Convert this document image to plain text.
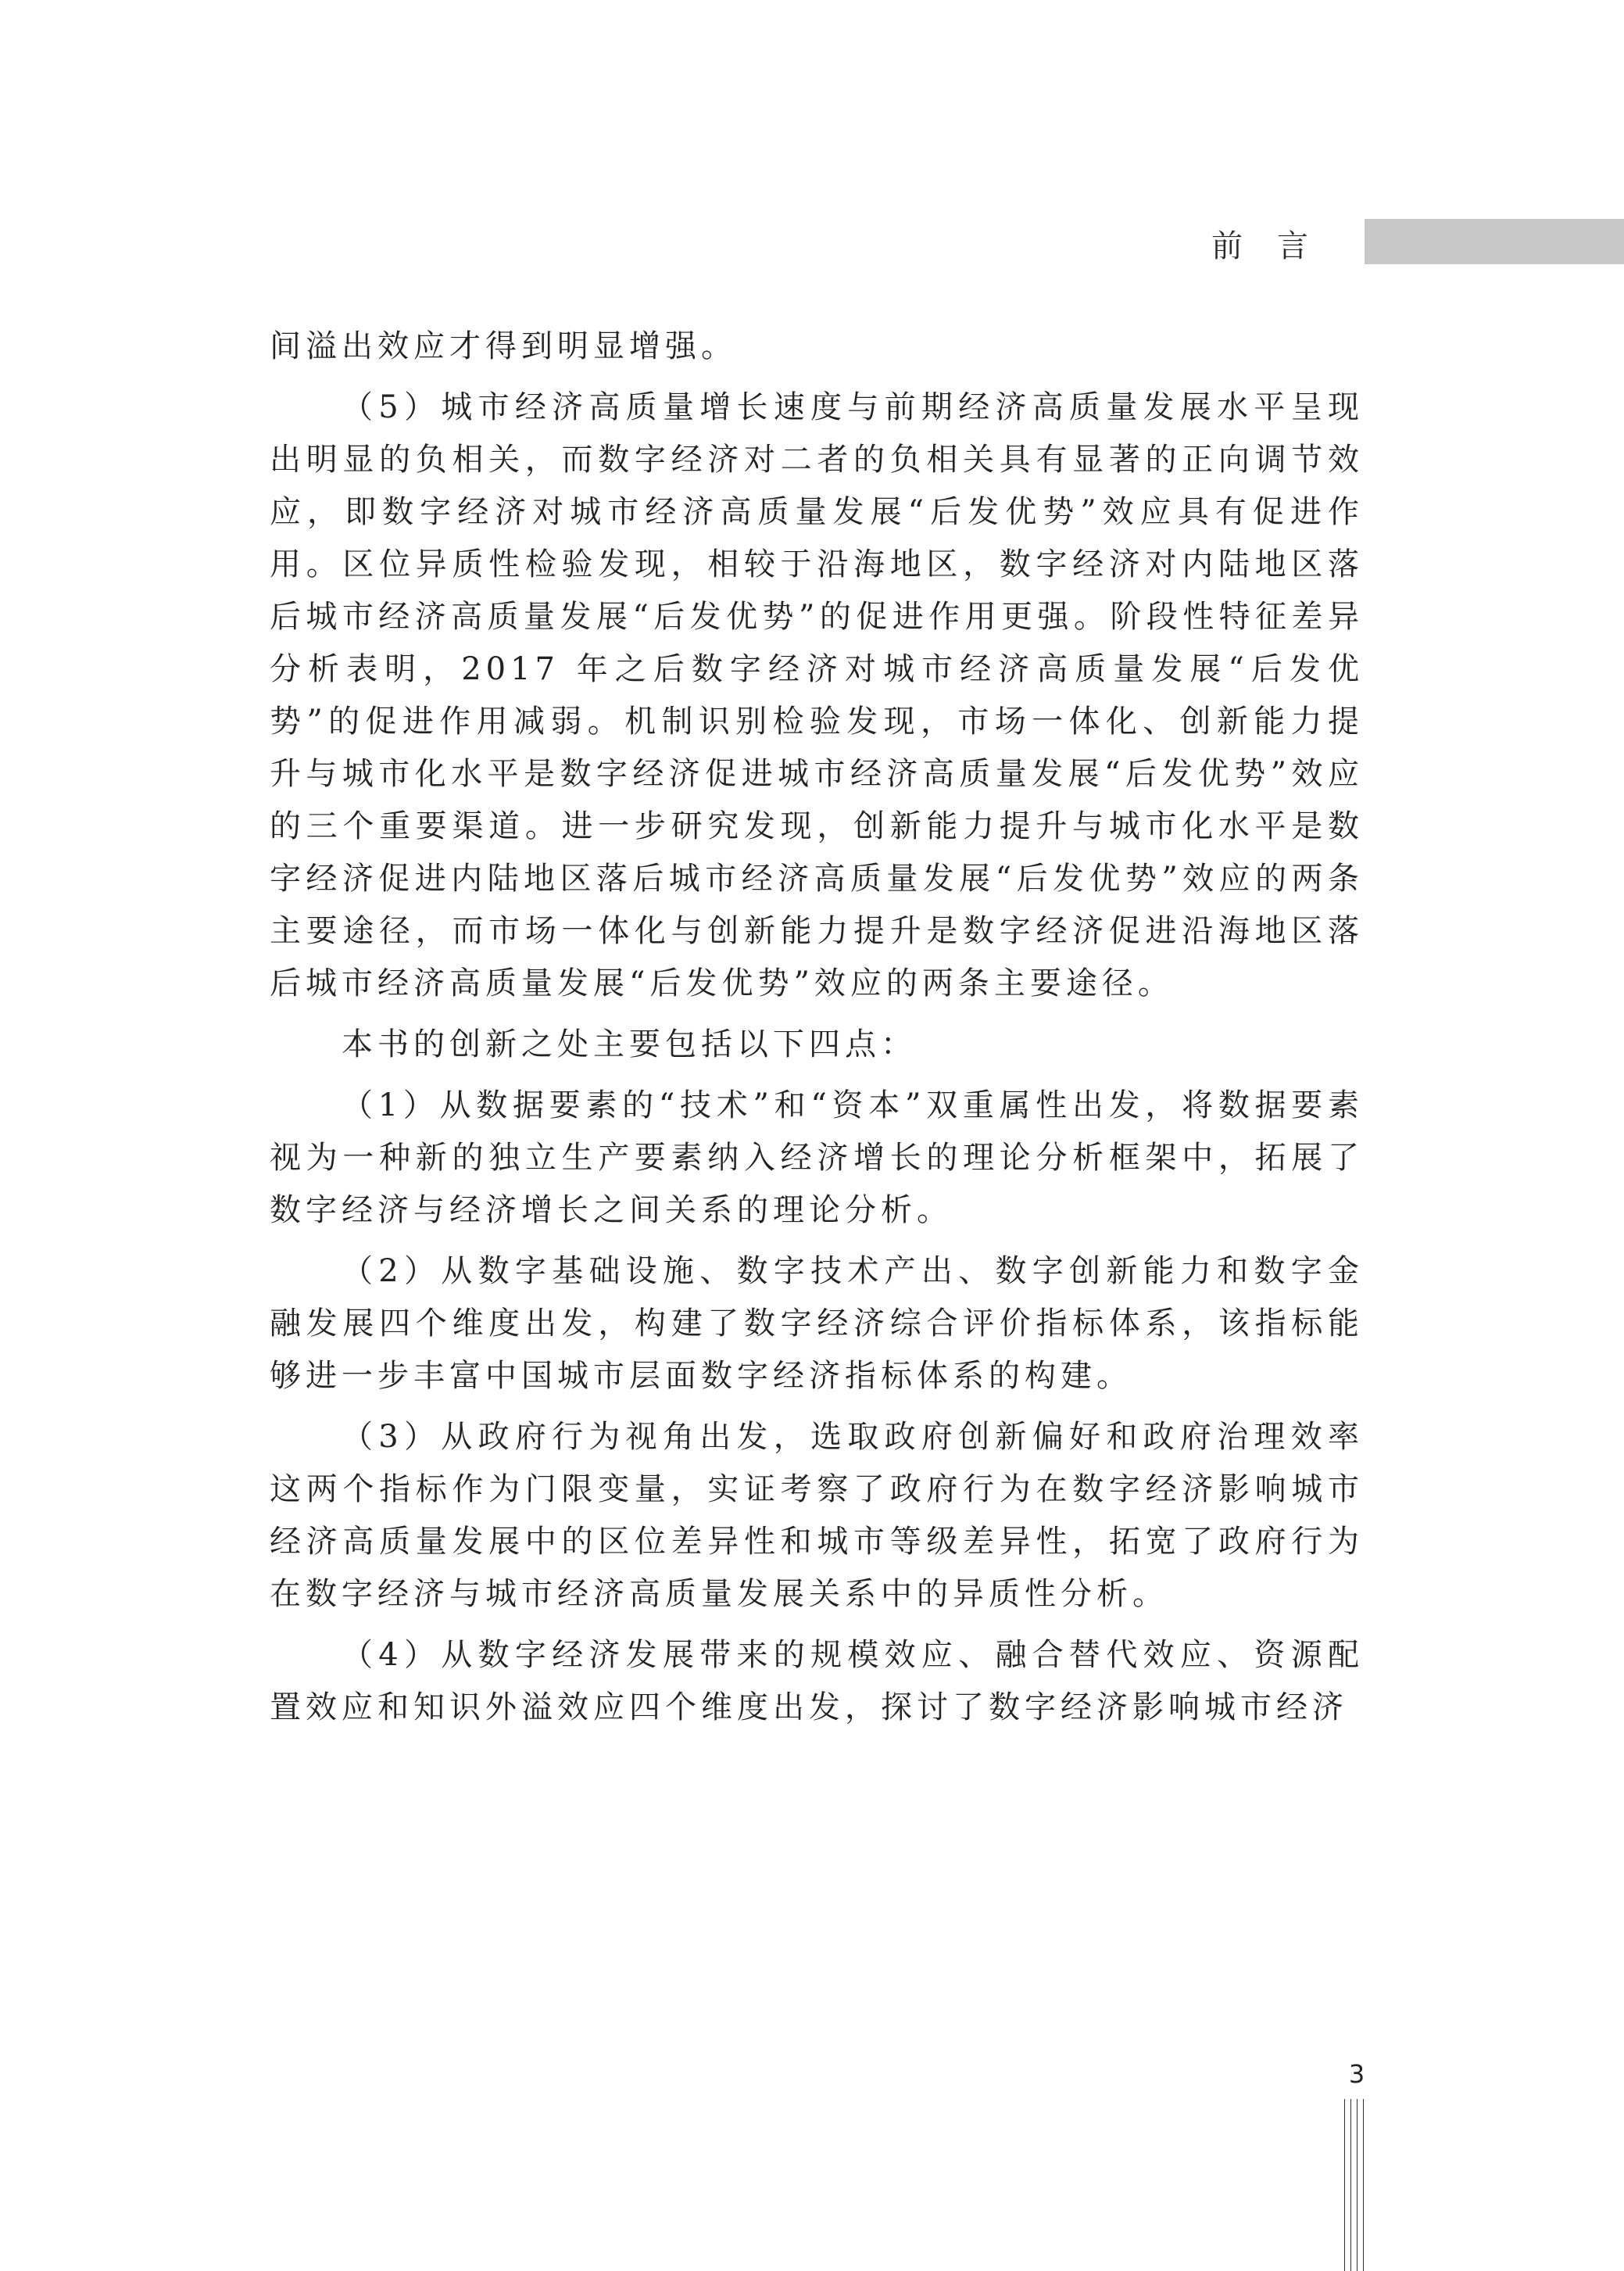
前言

间溢出效应才得到明显增强。

（5）城市经济高质量增长速度与前期经济高质量发展水平呈现出明显的负相关，而数字经济对二者的负相关具有显著的正向调节效应，即数字经济对城市经济高质量发展“后发优势”效应具有促进作用。区位异质性检验发现，相较于沿海地区，数字经济对内陆地区落后城市经济高质量发展“后发优势”的促进作用更强。阶段性特征差异分析表明，2017 年之后数字经济对城市经济高质量发展“后发优势”的促进作用减弱。机制识别检验发现，市场一体化、创新能力提升与城市化水平是数字经济促进城市经济高质量发展“后发优势”效应的三个重要渠道。进一步研究发现，创新能力提升与城市化水平是数字经济促进内陆地区落后城市经济高质量发展“后发优势”效应的两条主要途径，而市场一体化与创新能力提升是数字经济促进沿海地区落后城市经济高质量发展“后发优势”效应的两条主要途径。

本书的创新之处主要包括以下四点：

（1）从数据要素的“技术”和“资本”双重属性出发，将数据要素视为一种新的独立生产要素纳入经济增长的理论分析框架中，拓展了数字经济与经济增长之间关系的理论分析。

（2）从数字基础设施、数字技术产出、数字创新能力和数字金融发展四个维度出发，构建了数字经济综合评价指标体系，该指标能够进一步丰富中国城市层面数字经济指标体系的构建。

（3）从政府行为视角出发，选取政府创新偏好和政府治理效率这两个指标作为门限变量，实证考察了政府行为在数字经济影响城市经济高质量发展中的区位差异性和城市等级差异性，拓宽了政府行为在数字经济与城市经济高质量发展关系中的异质性分析。

（4）从数字经济发展带来的规模效应、融合替代效应、资源配置效应和知识外溢效应四个维度出发，探讨了数字经济影响城市经济

3
